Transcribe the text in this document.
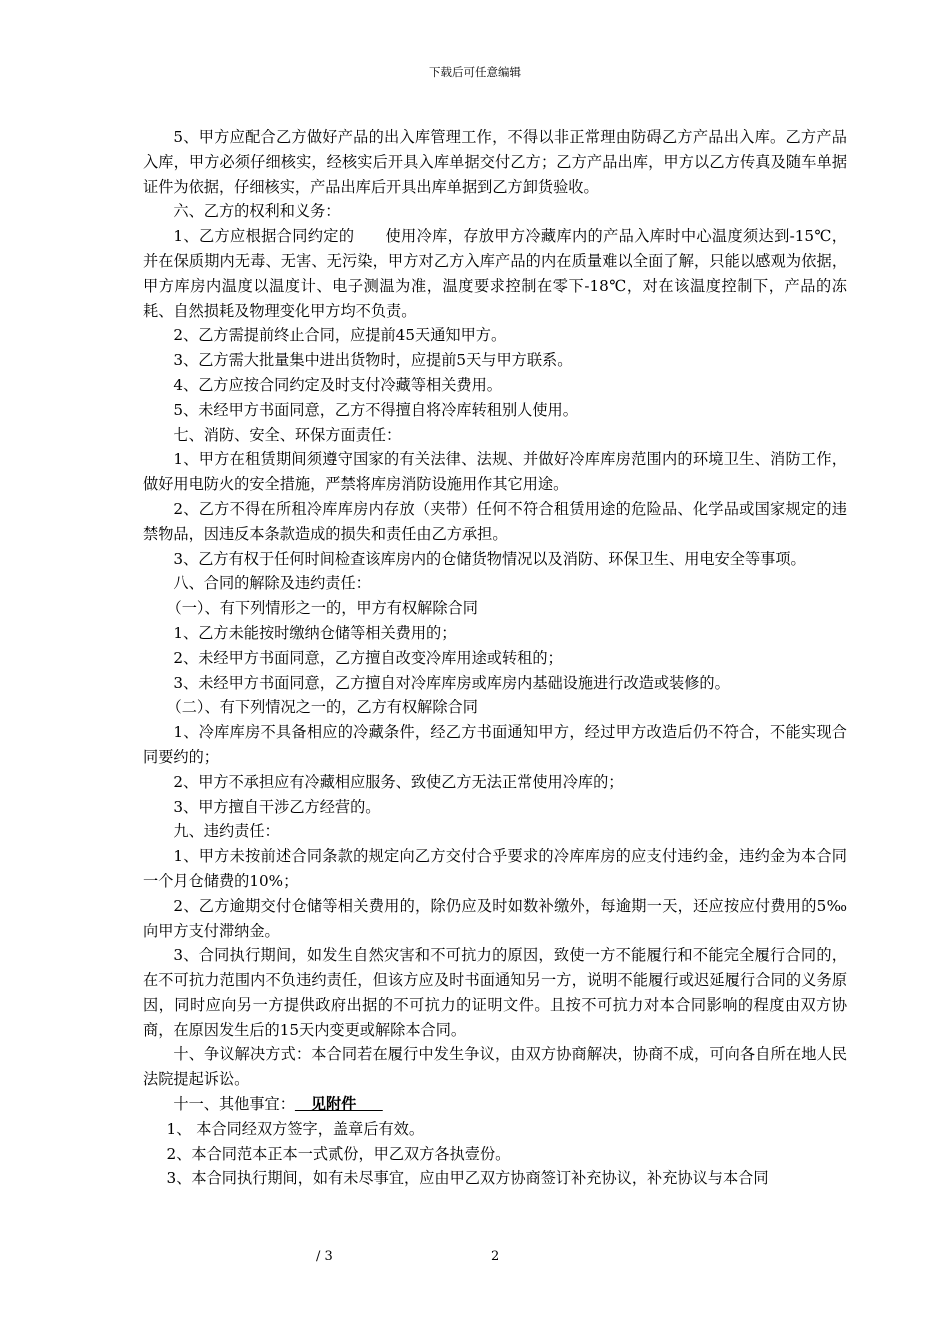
下载后可任意编辑

5、甲方应配合乙方做好产品的出入库管理工作，不得以非正常理由防碍乙方产品出入库。乙方产品入库，甲方必须仔细核实，经核实后开具入库单据交付乙方；乙方产品出库，甲方以乙方传真及随车单据证件为依据，仔细核实，产品出库后开具出库单据到乙方卸货验收。

六、乙方的权利和义务：

1、乙方应根据合同约定的　　使用冷库，存放甲方冷藏库内的产品入库时中心温度须达到-15℃，并在保质期内无毒、无害、无污染，甲方对乙方入库产品的内在质量难以全面了解，只能以感观为依据，甲方库房内温度以温度计、电子测温为准，温度要求控制在零下-18℃，对在该温度控制下，产品的冻耗、自然损耗及物理变化甲方均不负责。

2、乙方需提前终止合同，应提前45天通知甲方。

3、乙方需大批量集中进出货物时，应提前5天与甲方联系。

4、乙方应按合同约定及时支付冷藏等相关费用。

5、未经甲方书面同意，乙方不得擅自将冷库转租别人使用。

七、消防、安全、环保方面责任：

1、甲方在租赁期间须遵守国家的有关法律、法规、并做好冷库库房范围内的环境卫生、消防工作，做好用电防火的安全措施，严禁将库房消防设施用作其它用途。

2、乙方不得在所租冷库库房内存放（夹带）任何不符合租赁用途的危险品、化学品或国家规定的违禁物品，因违反本条款造成的损失和责任由乙方承担。

3、乙方有权于任何时间检查该库房内的仓储货物情况以及消防、环保卫生、用电安全等事项。

八、合同的解除及违约责任：

（一）、有下列情形之一的，甲方有权解除合同

1、乙方未能按时缴纳仓储等相关费用的；

2、未经甲方书面同意，乙方擅自改变冷库用途或转租的；

3、未经甲方书面同意，乙方擅自对冷库库房或库房内基础设施进行改造或装修的。

（二）、有下列情况之一的，乙方有权解除合同

1、冷库库房不具备相应的冷藏条件，经乙方书面通知甲方，经过甲方改造后仍不符合，不能实现合同要约的；

2、甲方不承担应有冷藏相应服务、致使乙方无法正常使用冷库的；

3、甲方擅自干涉乙方经营的。

九、违约责任：

1、甲方未按前述合同条款的规定向乙方交付合乎要求的冷库库房的应支付违约金，违约金为本合同一个月仓储费的10%；

2、乙方逾期交付仓储等相关费用的，除仍应及时如数补缴外，每逾期一天，还应按应付费用的5‰向甲方支付滞纳金。

3、合同执行期间，如发生自然灾害和不可抗力的原因，致使一方不能履行和不能完全履行合同的，在不可抗力范围内不负违约责任，但该方应及时书面通知另一方，说明不能履行或迟延履行合同的义务原因，同时应向另一方提供政府出据的不可抗力的证明文件。且按不可抗力对本合同影响的程度由双方协商，在原因发生后的15天内变更或解除本合同。

十、争议解决方式：本合同若在履行中发生争议，由双方协商解决，协商不成，可向各自所在地人民法院提起诉讼。

十一、其他事宜：   见附件

1、 本合同经双方签字，盖章后有效。

2、本合同范本正本一式贰份，甲乙双方各执壹份。

3、本合同执行期间，如有未尽事宜，应由甲乙双方协商签订补充协议，补充协议与本合同

/ 3	2
